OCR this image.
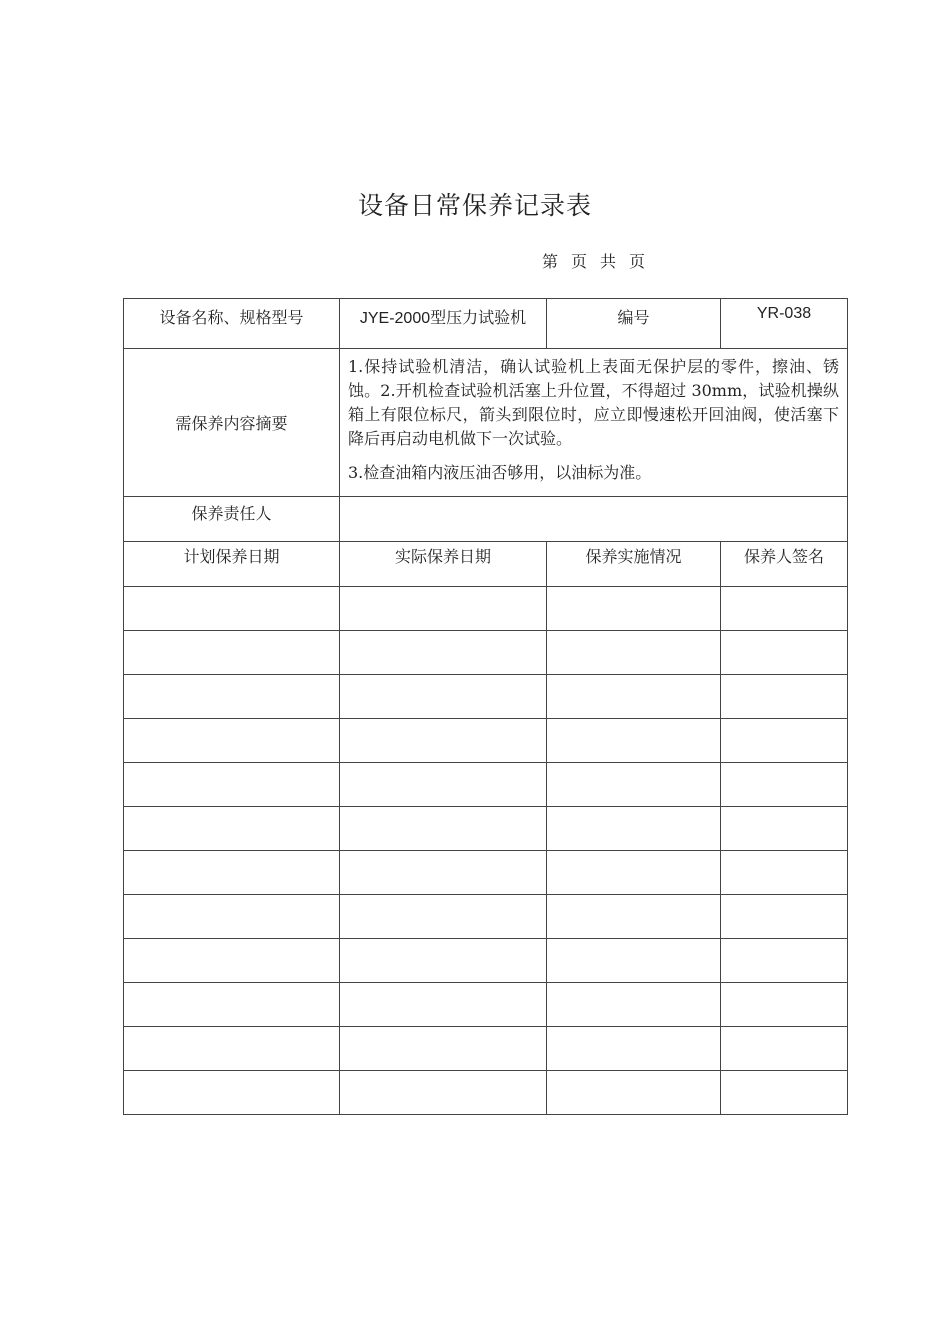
设备日常保养记录表
第 页 共 页
设备名称、规格型号	JYE-2000型压力试验机	编号	YR-038

需保养内容摘要	1.保持试验机清洁，确认试验机上表面无保护层的零件，擦油、锈蚀。2.开机检查试验机活塞上升位置，不得超过 30mm，试验机操纵箱上有限位标尺，箭头到限位时，应立即慢速松开回油阀，使活塞下降后再启动电机做下一次试验。

3.检查油箱内液压油否够用，以油标为准。		

保养责任人			

计划保养日期	实际保养日期	保养实施情况	保养人签名
